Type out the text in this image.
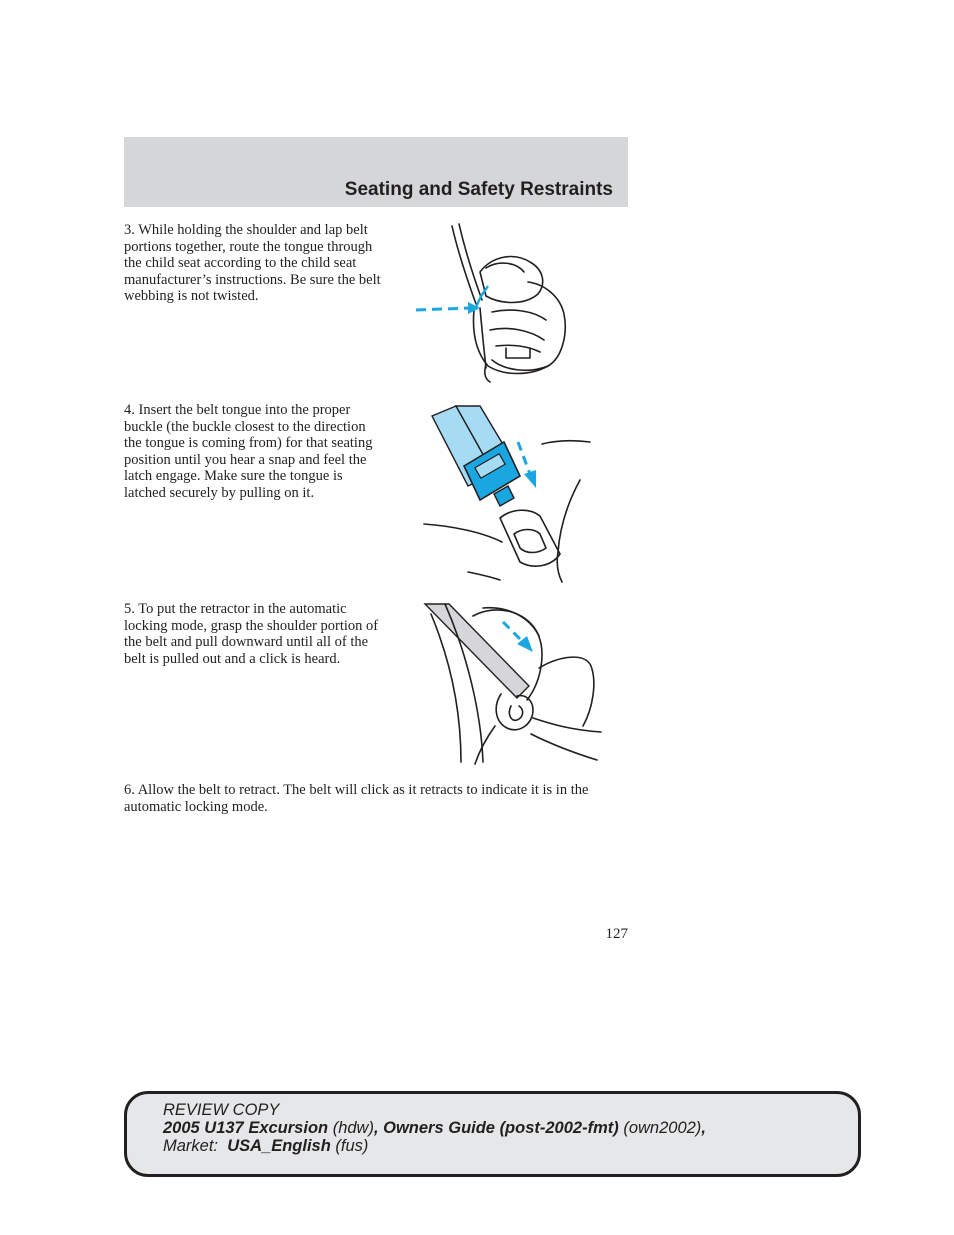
Seating and Safety Restraints

3. While holding the shoulder and lap belt portions together, route the tongue through the child seat according to the child seat manufacturer’s instructions. Be sure the belt webbing is not twisted.

4. Insert the belt tongue into the proper buckle (the buckle closest to the direction the tongue is coming from) for that seating position until you hear a snap and feel the latch engage. Make sure the tongue is latched securely by pulling on it.

5. To put the retractor in the automatic locking mode, grasp the shoulder portion of the belt and pull downward until all of the belt is pulled out and a click is heard.

6. Allow the belt to retract. The belt will click as it retracts to indicate it is in the automatic locking mode.

127

REVIEW COPY
2005 U137 Excursion (hdw), Owners Guide (post-2002-fmt) (own2002),
Market: USA_English (fus)
